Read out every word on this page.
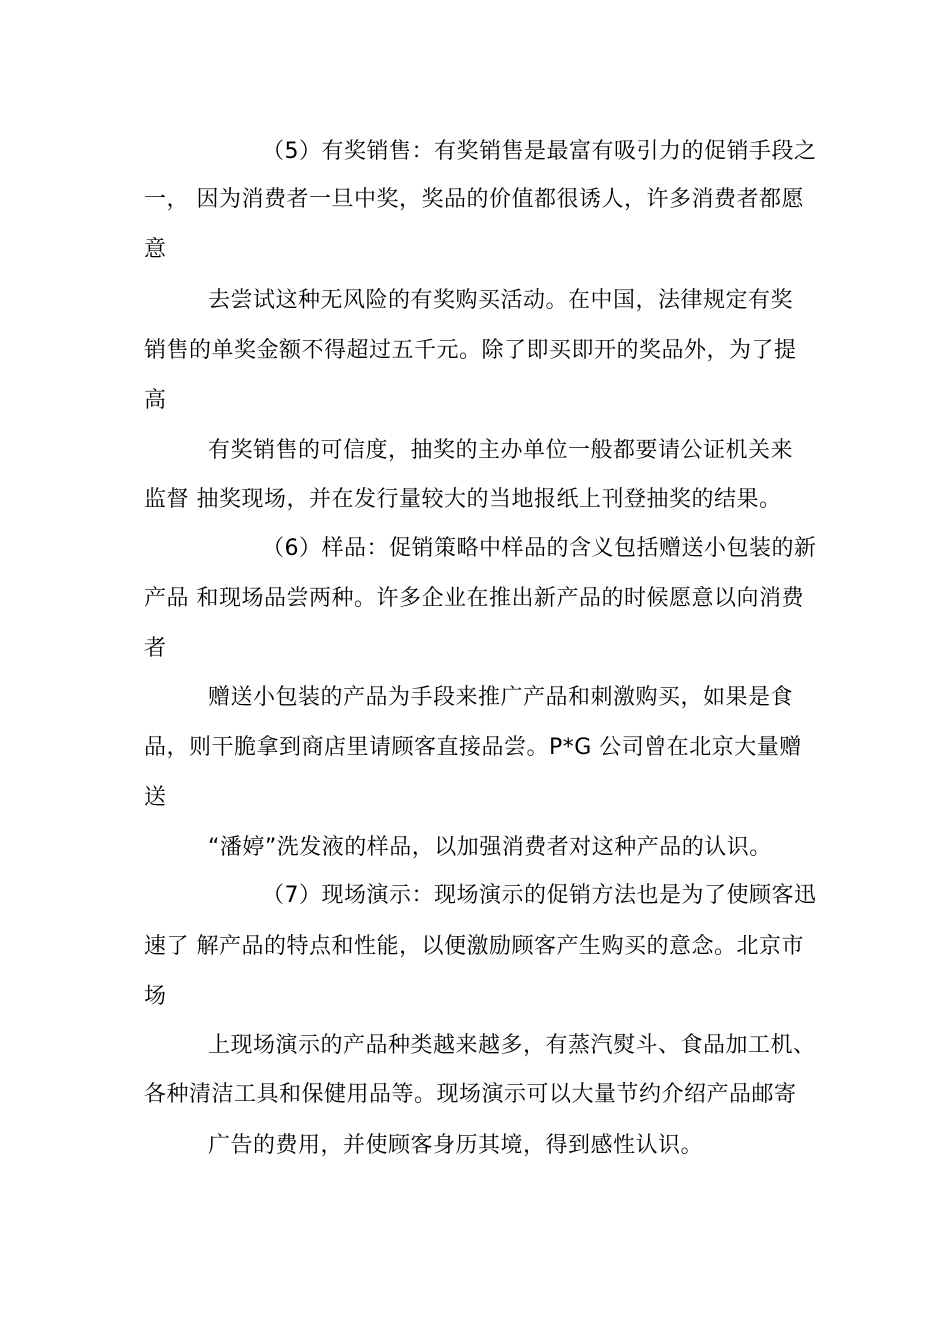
（5）有奖销售：有奖销售是最富有吸引力的促销手段之
一， 因为消费者一旦中奖，奖品的价值都很诱人，许多消费者都愿
意
去尝试这种无风险的有奖购买活动。在中国，法律规定有奖
销售的单奖金额不得超过五千元。除了即买即开的奖品外，为了提
高
有奖销售的可信度，抽奖的主办单位一般都要请公证机关来
监督 抽奖现场，并在发行量较大的当地报纸上刊登抽奖的结果。
（6）样品：促销策略中样品的含义包括赠送小包装的新
产品 和现场品尝两种。许多企业在推出新产品的时候愿意以向消费
者
赠送小包装的产品为手段来推广产品和刺激购买，如果是食
品，则干脆拿到商店里请顾客直接品尝。P*G 公司曾在北京大量赠
送
“潘婷”洗发液的样品，以加强消费者对这种产品的认识。
（7）现场演示：现场演示的促销方法也是为了使顾客迅
速了 解产品的特点和性能，以便激励顾客产生购买的意念。北京市
场
上现场演示的产品种类越来越多，有蒸汽熨斗、食品加工机、
各种清洁工具和保健用品等。现场演示可以大量节约介绍产品邮寄
广告的费用，并使顾客身历其境，得到感性认识。
